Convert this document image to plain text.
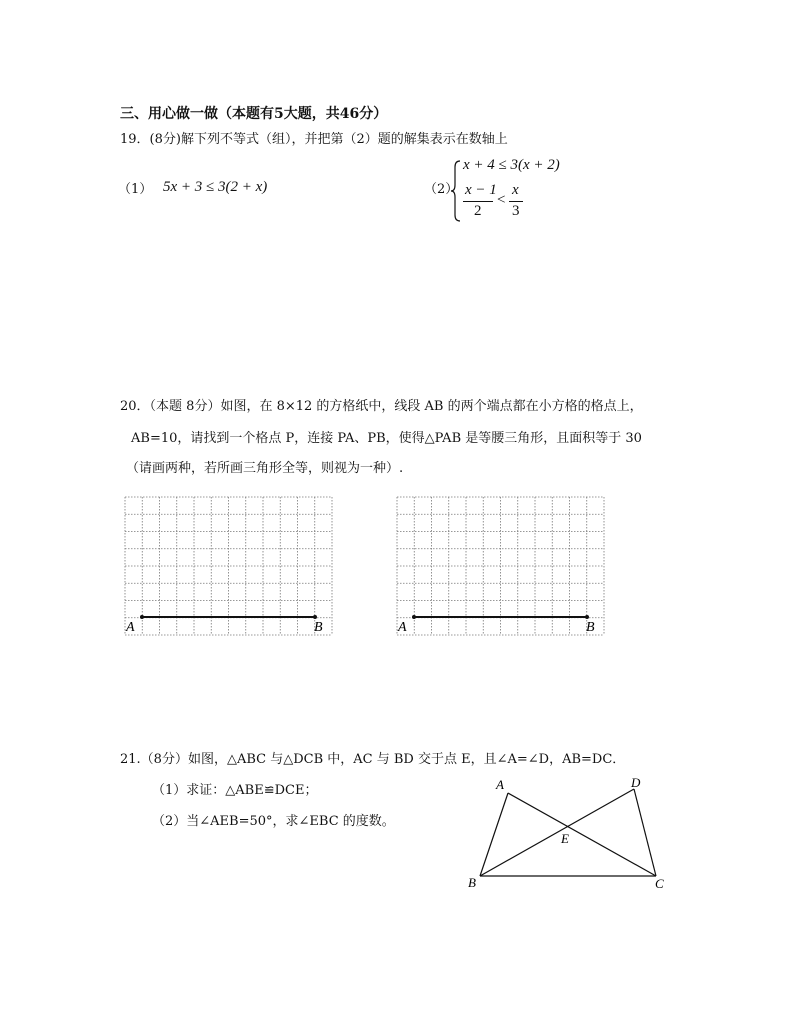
三、用心做一做（本题有5大题，共46分）
19．(8分)解下列不等式（组），并把第（2）题的解集表示在数轴上
（1） 5x + 3 ≤ 3(2 + x)	（2）
x + 4 ≤ 3(x + 2)
x − 1
2
<
x
3
20．（本题 8分）如图，在 8×12 的方格纸中，线段 AB 的两个端点都在小方格的格点上，
AB=10，请找到一个格点 P，连接 PA、PB，使得△PAB 是等腰三角形，且面积等于 30
（请画两种，若所画三角形全等，则视为一种）.
A	B	A	B
21.（8分）如图，△ABC 与△DCB 中，AC 与 BD 交于点 E，且∠A=∠D，AB=DC．
（1）求证：△ABE≌DCE；
（2）当∠AEB=50°，求∠EBC 的度数。
A
B	C
D
E
